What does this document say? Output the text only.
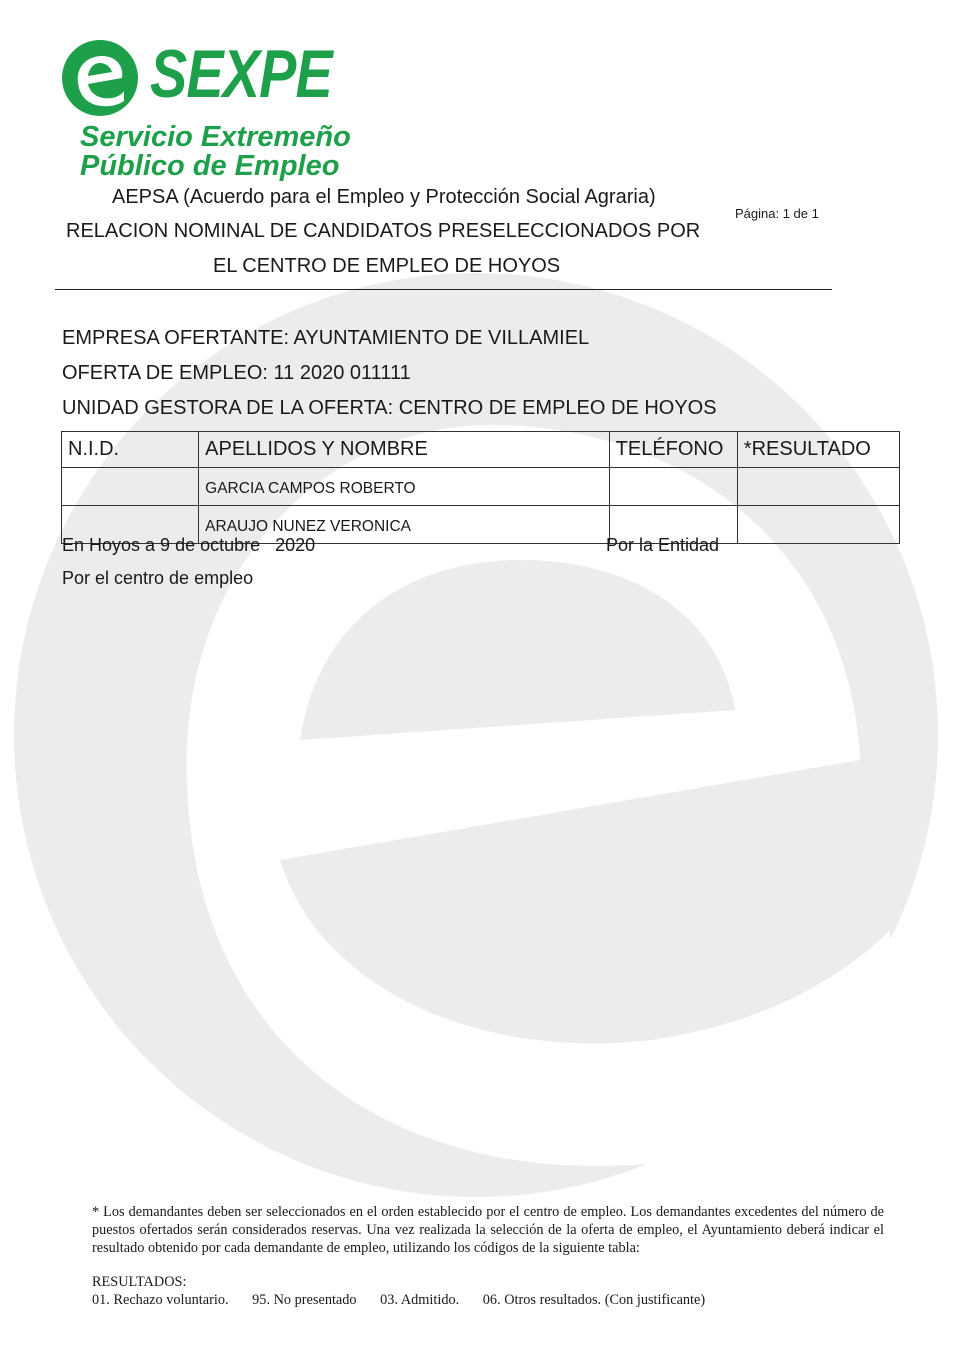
SEXPE
Servicio Extremeño
Público de Empleo
AEPSA (Acuerdo para el Empleo y Protección Social Agraria)
RELACION NOMINAL DE CANDIDATOS PRESELECCIONADOS POR
EL CENTRO DE EMPLEO DE HOYOS
Página: 1 de 1
EMPRESA OFERTANTE: AYUNTAMIENTO DE VILLAMIEL
OFERTA DE EMPLEO: 11 2020 011111
UNIDAD GESTORA DE LA OFERTA: CENTRO DE EMPLEO DE HOYOS
N.I.D.	APELLIDOS Y NOMBRE	TELÉFONO	*RESULTADO
	GARCIA CAMPOS ROBERTO		
	ARAUJO NUNEZ VERONICA		
En Hoyos a 9 de octubre   2020	Por la Entidad
Por el centro de empleo
* Los demandantes deben ser seleccionados en el orden establecido por el centro de empleo. Los demandantes excedentes del número de puestos ofertados serán considerados reservas. Una vez realizada la selección de la oferta de empleo, el Ayuntamiento deberá indicar el resultado obtenido por cada demandante de empleo, utilizando los códigos de la siguiente tabla:
RESULTADOS:
01. Rechazo voluntario. 95. No presentado 03. Admitido. 06. Otros resultados. (Con justificante)
